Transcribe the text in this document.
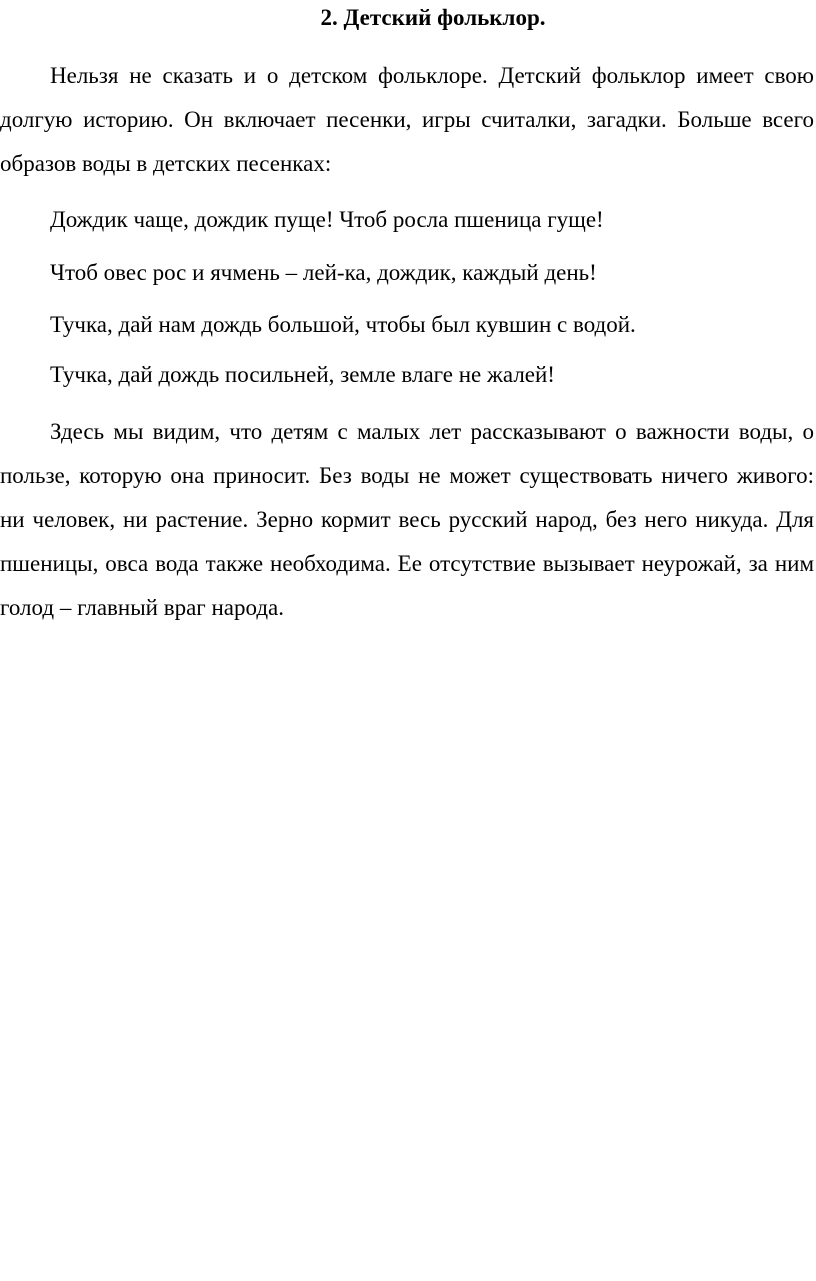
2. Детский фольклор.

Нельзя не сказать и о детском фольклоре. Детский фольклор имеет свою долгую историю. Он включает песенки, игры считалки, загадки. Больше всего образов воды в детских песенках:

Дождик чаще, дождик пуще! Чтоб росла пшеница гуще!

Чтоб овес рос и ячмень – лей-ка, дождик, каждый день!

Тучка, дай нам дождь большой, чтобы был кувшин с водой.

Тучка, дай дождь посильней, земле влаге не жалей!

Здесь мы видим, что детям с малых лет рассказывают о важности воды, о пользе, которую она приносит. Без воды не может существовать ничего живого: ни человек, ни растение. Зерно кормит весь русский народ, без него никуда. Для пшеницы, овса вода также необходима. Ее отсутствие вызывает неурожай, за ним голод – главный враг народа.
